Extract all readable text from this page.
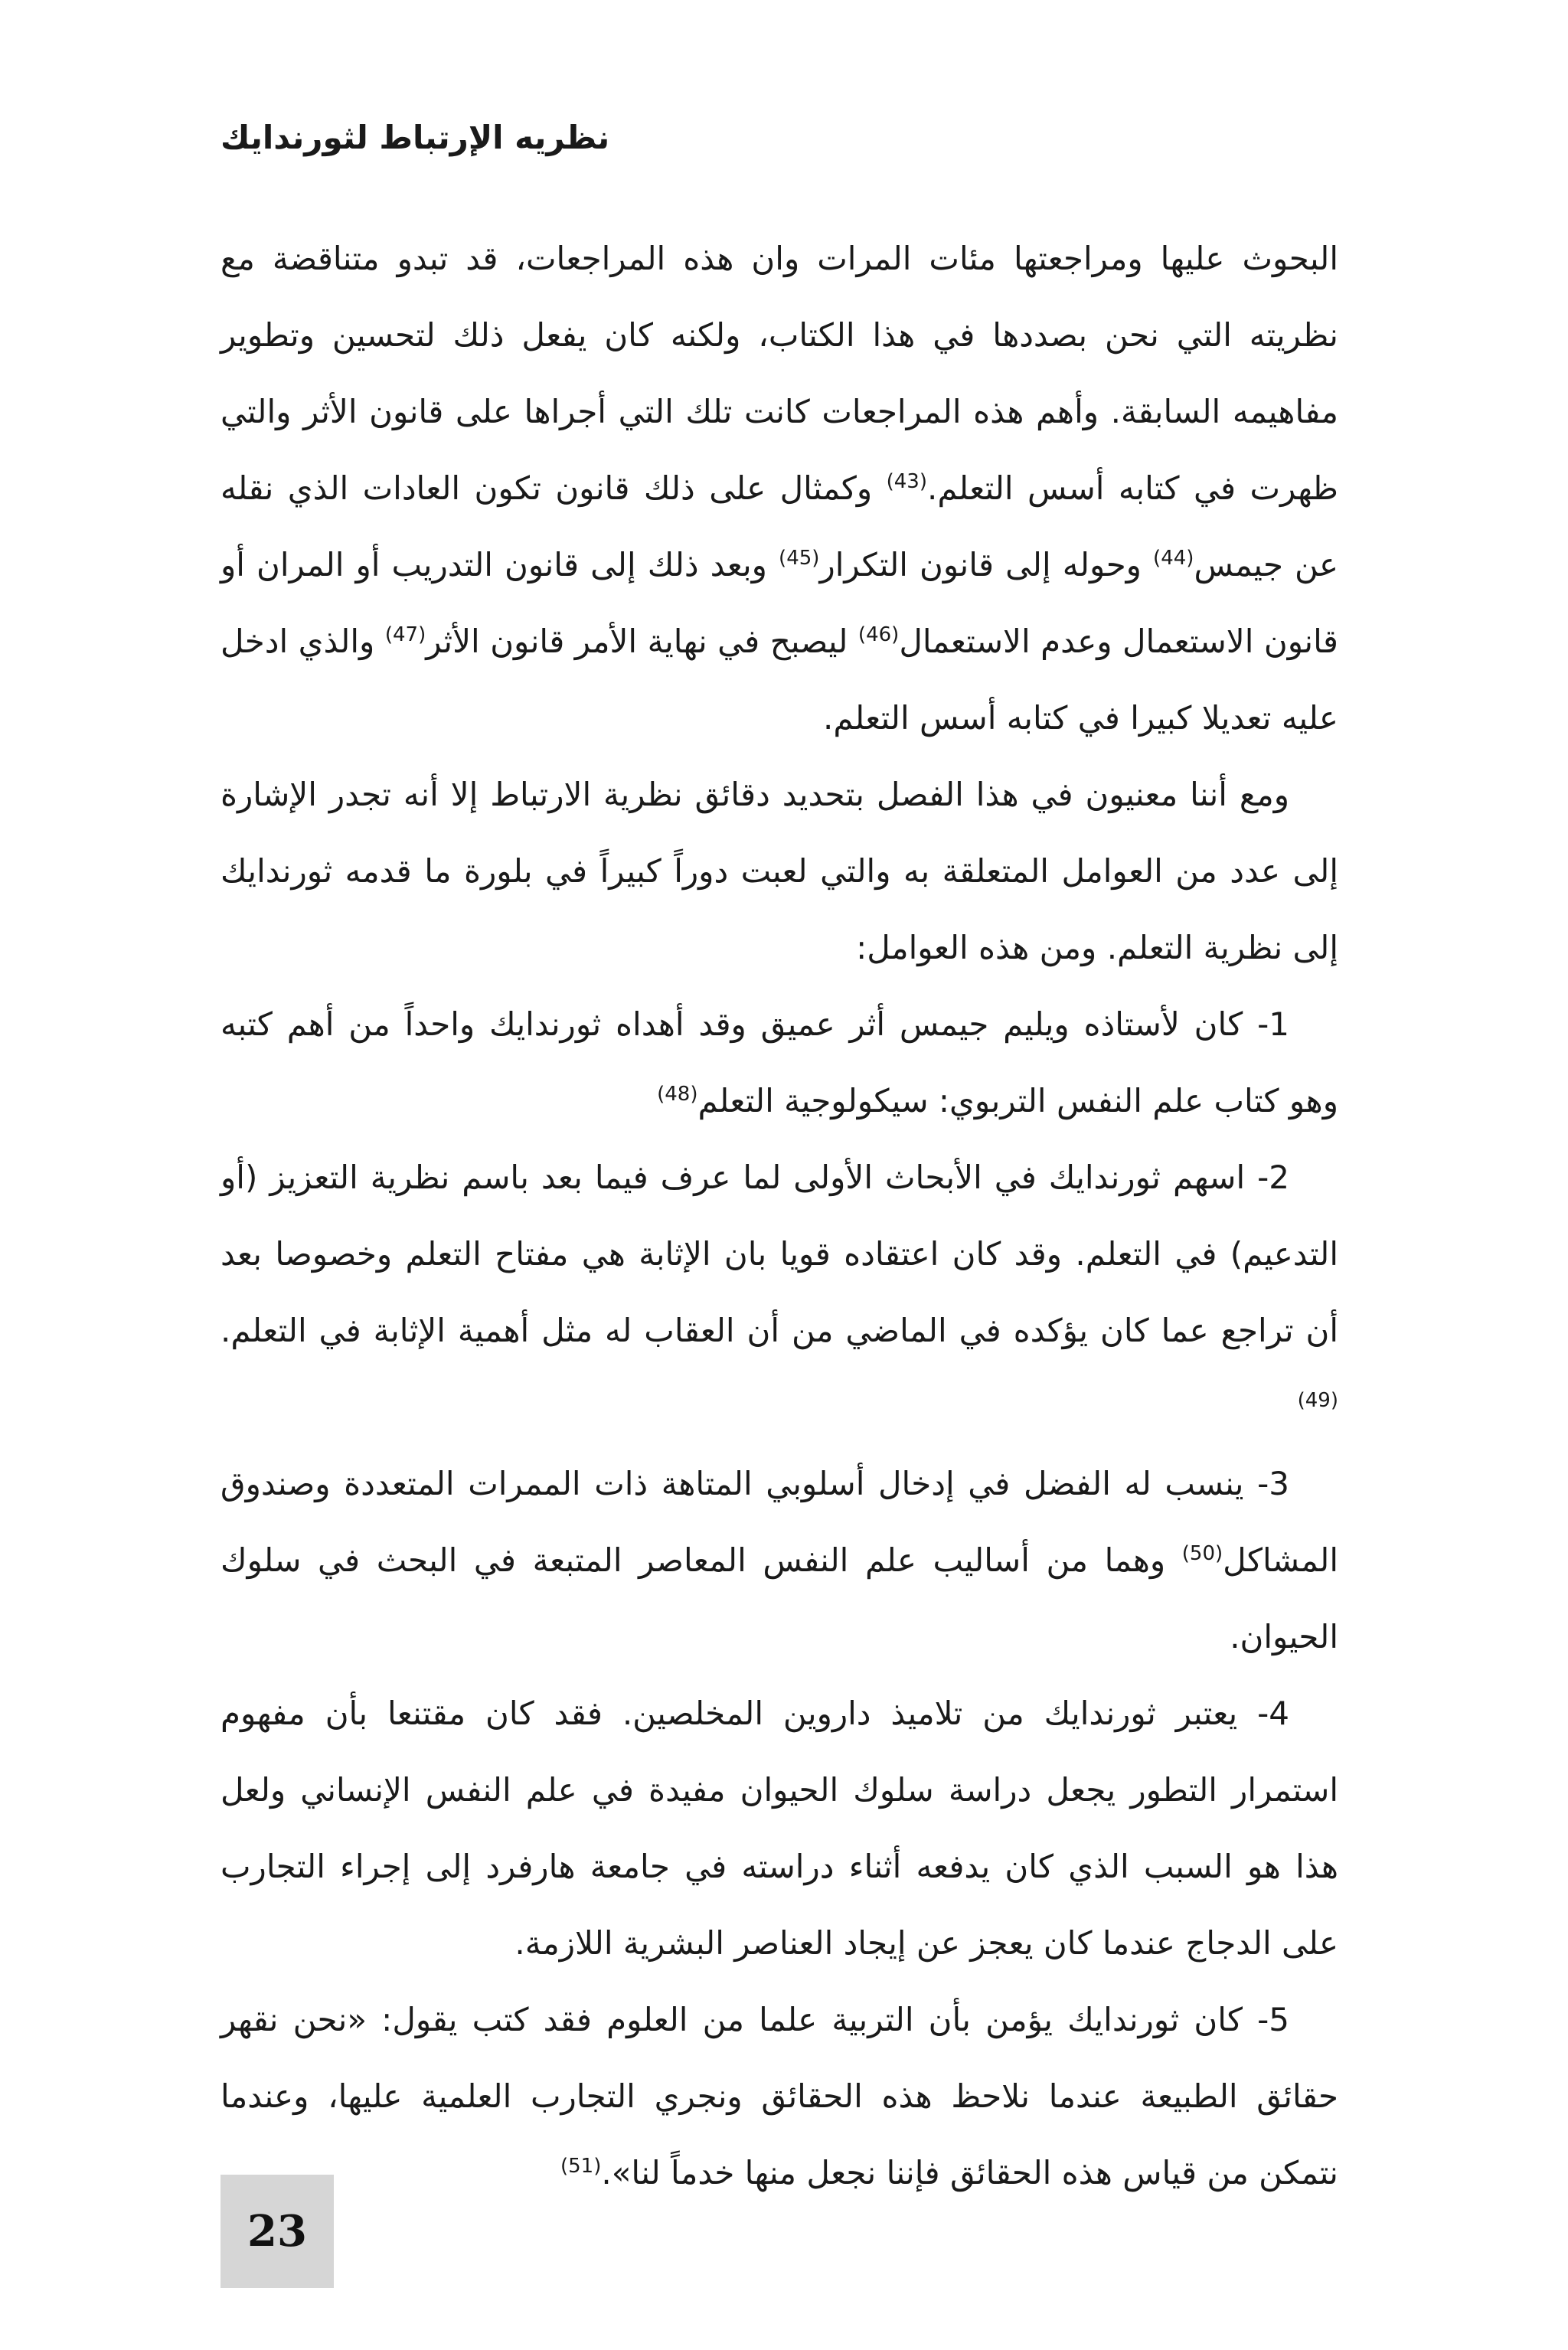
نظريه الإرتباط لثورندايك

البحوث عليها ومراجعتها مئات المرات وان هذه المراجعات، قد تبدو متناقضة مع نظريته التي نحن بصددها في هذا الكتاب، ولكنه كان يفعل ذلك لتحسين وتطوير مفاهيمه السابقة. وأهم هذه المراجعات كانت تلك التي أجراها على قانون الأثر والتي ظهرت في كتابه أسس التعلم.$^{(43)}$ وكمثال على ذلك قانون تكون العادات الذي نقله عن جيمس$^{(44)}$ وحوله إلى قانون التكرار$^{(45)}$ وبعد ذلك إلى قانون التدريب أو المران أو قانون الاستعمال وعدم الاستعمال$^{(46)}$ ليصبح في نهاية الأمر قانون الأثر$^{(47)}$ والذي ادخل عليه تعديلا كبيرا في كتابه أسس التعلم.

ومع أننا معنيون في هذا الفصل بتحديد دقائق نظرية الارتباط إلا أنه تجدر الإشارة إلى عدد من العوامل المتعلقة به والتي لعبت دوراً كبيراً في بلورة ما قدمه ثورندايك إلى نظرية التعلم. ومن هذه العوامل:

1- كان لأستاذه ويليم جيمس أثر عميق وقد أهداه ثورندايك واحداً من أهم كتبه وهو كتاب علم النفس التربوي: سيكولوجية التعلم$^{(48)}$

2- اسهم ثورندايك في الأبحاث الأولى لما عرف فيما بعد باسم نظرية التعزيز (أو التدعيم) في التعلم. وقد كان اعتقاده قويا بان الإثابة هي مفتاح التعلم وخصوصا بعد أن تراجع عما كان يؤكده في الماضي من أن العقاب له مثل أهمية الإثابة في التعلم.$^{(49)}$

3- ينسب له الفضل في إدخال أسلوبي المتاهة ذات الممرات المتعددة وصندوق المشاكل$^{(50)}$ وهما من أساليب علم النفس المعاصر المتبعة في البحث في سلوك الحيوان.

4- يعتبر ثورندايك من تلاميذ داروين المخلصين. فقد كان مقتنعا بأن مفهوم استمرار التطور يجعل دراسة سلوك الحيوان مفيدة في علم النفس الإنساني ولعل هذا هو السبب الذي كان يدفعه أثناء دراسته في جامعة هارفرد إلى إجراء التجارب على الدجاج عندما كان يعجز عن إيجاد العناصر البشرية اللازمة.

5- كان ثورندايك يؤمن بأن التربية علما من العلوم فقد كتب يقول: «نحن نقهر حقائق الطبيعة عندما نلاحظ هذه الحقائق ونجري التجارب العلمية عليها، وعندما نتمكن من قياس هذه الحقائق فإننا نجعل منها خدماً لنا».$^{(51)}$

23
